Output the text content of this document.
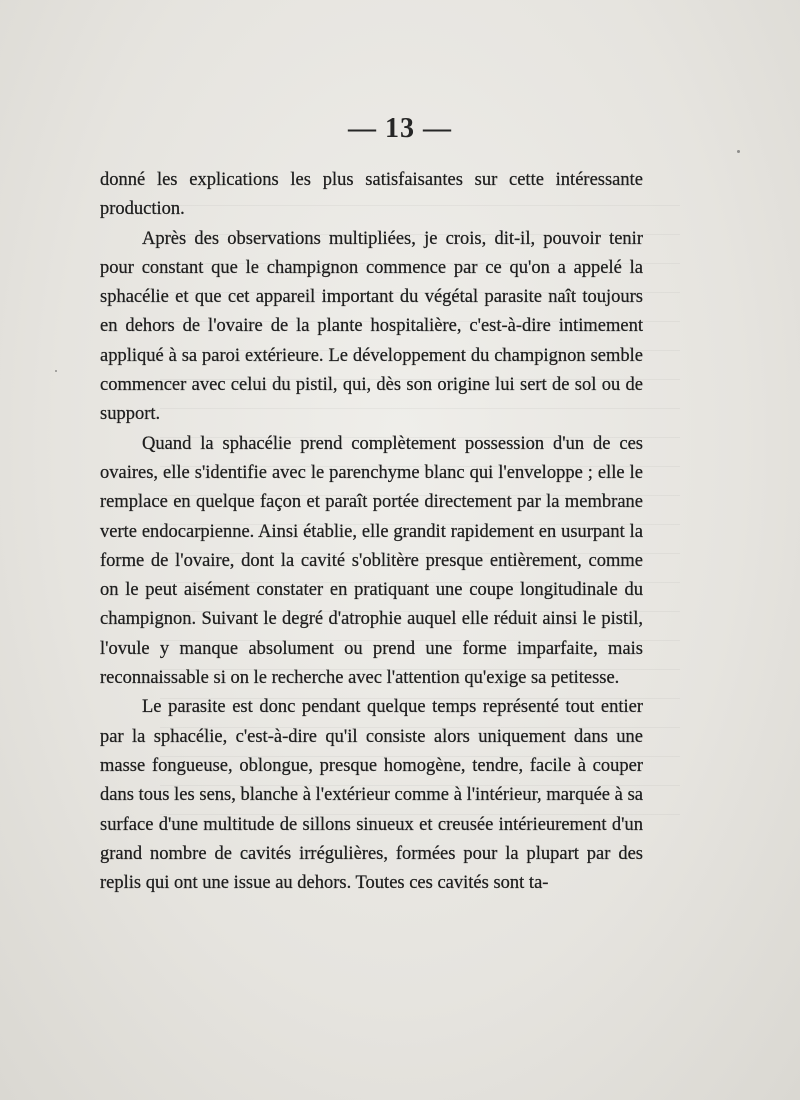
— 13 —

donné les explications les plus satisfaisantes sur cette intéressante production.

Après des observations multipliées, je crois, dit-il, pouvoir tenir pour constant que le champignon commence par ce qu'on a appelé la sphacélie et que cet appareil important du végétal parasite naît toujours en dehors de l'ovaire de la plante hospitalière, c'est-à-dire intimement appliqué à sa paroi extérieure. Le développement du champignon semble commencer avec celui du pistil, qui, dès son origine lui sert de sol ou de support.

Quand la sphacélie prend complètement possession d'un de ces ovaires, elle s'identifie avec le parenchyme blanc qui l'enveloppe ; elle le remplace en quelque façon et paraît portée directement par la membrane verte endocarpienne. Ainsi établie, elle grandit rapidement en usurpant la forme de l'ovaire, dont la cavité s'oblitère presque entièrement, comme on le peut aisément constater en pratiquant une coupe longitudinale du champignon. Suivant le degré d'atrophie auquel elle réduit ainsi le pistil, l'ovule y manque absolument ou prend une forme imparfaite, mais reconnaissable si on le recherche avec l'attention qu'exige sa petitesse.

Le parasite est donc pendant quelque temps représenté tout entier par la sphacélie, c'est-à-dire qu'il consiste alors uniquement dans une masse fongueuse, oblongue, presque homogène, tendre, facile à couper dans tous les sens, blanche à l'extérieur comme à l'intérieur, marquée à sa surface d'une multitude de sillons sinueux et creusée intérieurement d'un grand nombre de cavités irrégulières, formées pour la plupart par des replis qui ont une issue au dehors. Toutes ces cavités sont ta-
